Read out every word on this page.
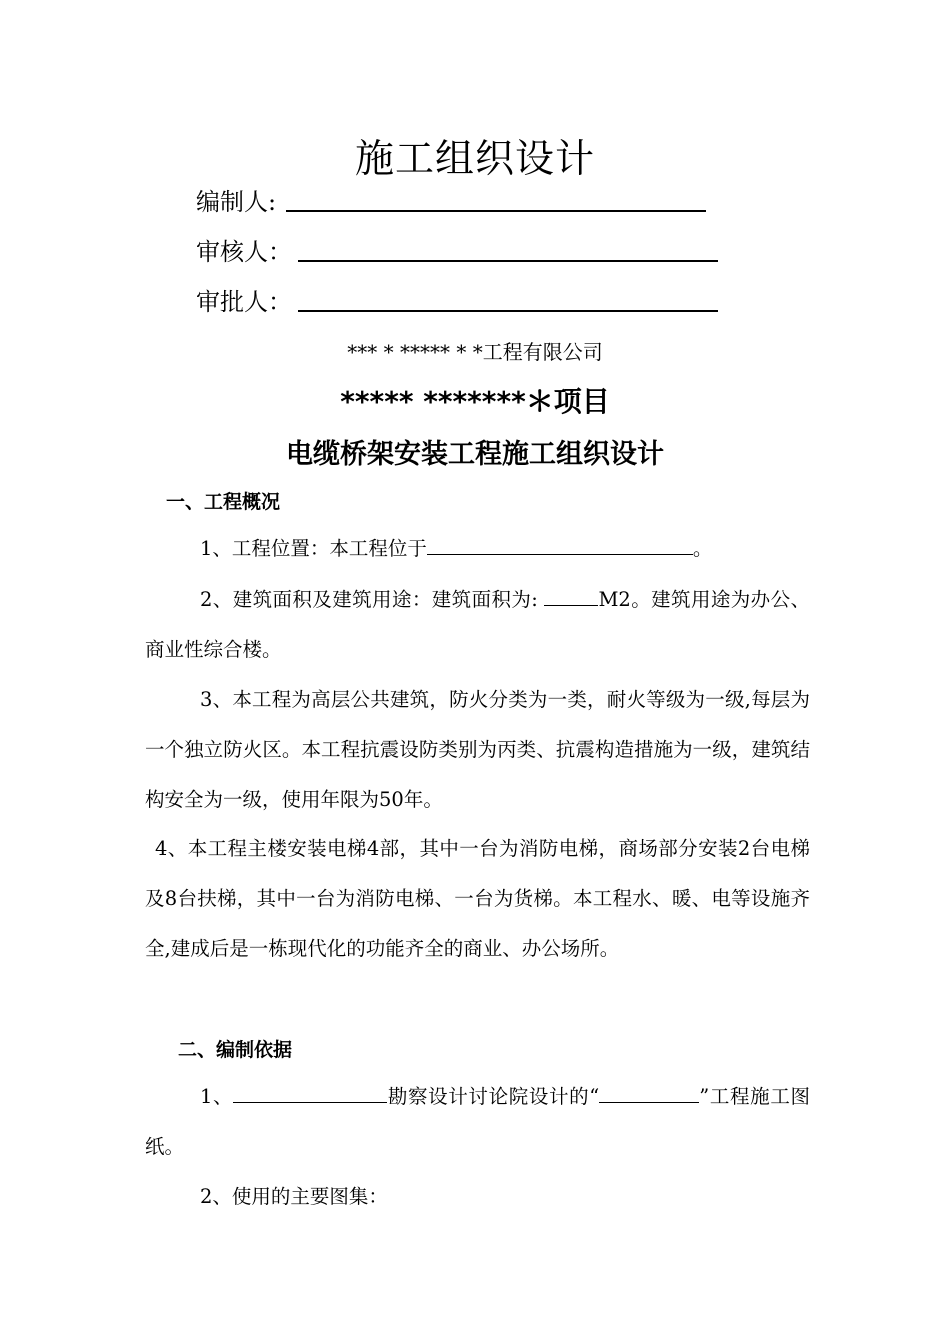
施工组织设计
编制人:
审核人：
审批人：
*** * ***** * *工程有限公司
***** *******＊项目
电缆桥架安装工程施工组织设计
一、工程概况
1、工程位置：本工程位于	。
2、建筑面积及建筑用途：建筑面积为:	M2。建筑用途为办公、商业性综合楼。
3、本工程为高层公共建筑，防火分类为一类，耐火等级为一级,每层为一个独立防火区。本工程抗震设防类别为丙类、抗震构造措施为一级，建筑结构安全为一级，使用年限为50年。
4、本工程主楼安装电梯4部，其中一台为消防电梯，商场部分安装2台电梯及8台扶梯，其中一台为消防电梯、一台为货梯。本工程水、暖、电等设施齐全,建成后是一栋现代化的功能齐全的商业、办公场所。
二、编制依据
1、	勘察设计讨论院设计的“	”工程施工图纸。
2、使用的主要图集：
